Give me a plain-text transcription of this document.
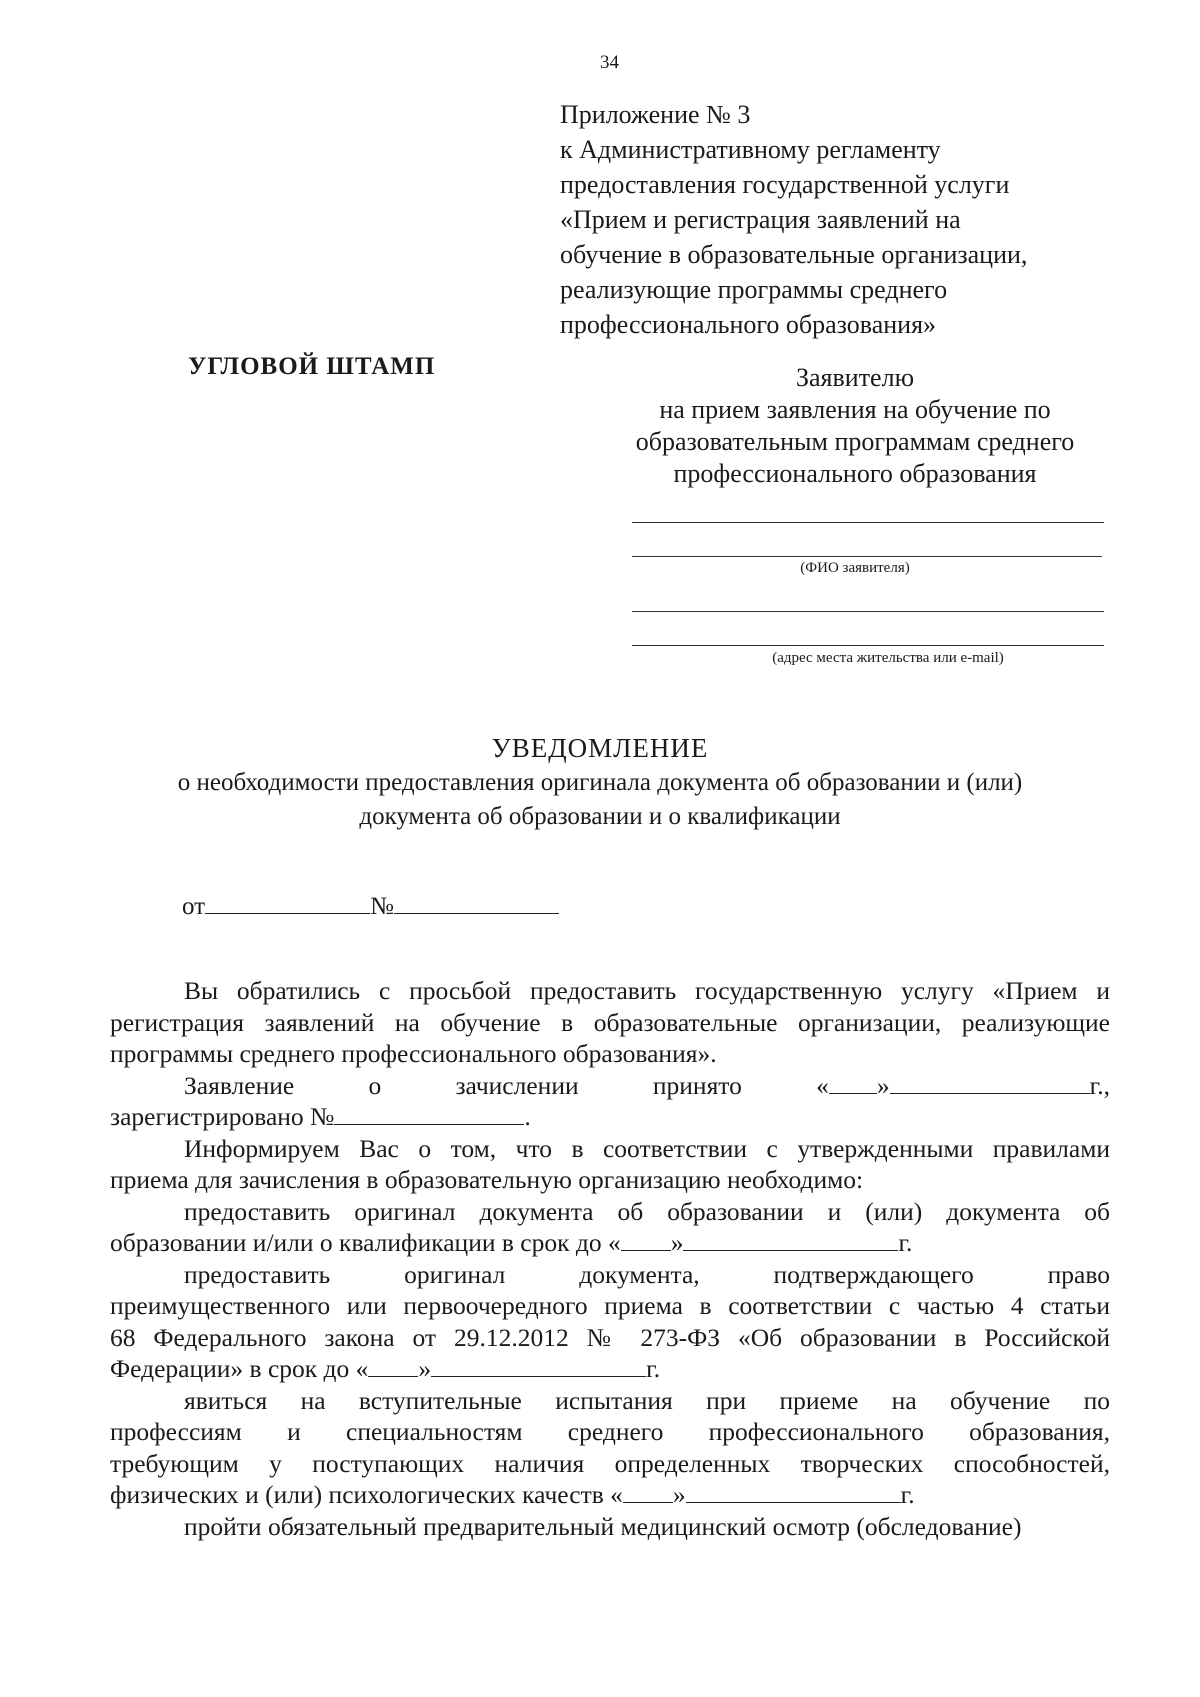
34
Приложение № 3
к Административному регламенту
предоставления государственной услуги
«Прием и регистрация заявлений на
обучение в образовательные организации,
реализующие программы среднего
профессионального образования»
УГЛОВОЙ ШТАМП	Заявителю
на прием заявления на обучение по
образовательным программам среднего
профессионального образования
(ФИО заявителя)
(адрес места жительства или e-mail)
УВЕДОМЛЕНИЕ
о необходимости предоставления оригинала документа об образовании и (или)
документа об образовании и о квалификации
от	№

Вы обратились с просьбой предоставить государственную услугу «Прием и

регистрация заявлений на обучение в образовательные организации, реализующие

программы среднего профессионального образования».

Заявление	о	зачислении	принято	« »	г.,

зарегистрировано №	.

Информируем Вас о том, что в соответствии с утвержденными правилами

приема для зачисления в образовательную организацию необходимо:

предоставить оригинал документа об образовании и (или) документа об

образовании и/или о квалификации в срок до « »	г.

предоставить	оригинал	документа,	подтверждающего	право

преимущественного или первоочередного приема в соответствии с частью 4 статьи

68 Федерального закона от 29.12.2012 № 273-ФЗ «Об образовании в Российской

Федерации» в срок до « »	г.

явиться на вступительные испытания при приеме на обучение по

профессиям и специальностям среднего профессионального образования,

требующим у поступающих наличия определенных творческих способностей,

физических и (или) психологических качеств « »	г.

пройти обязательный предварительный медицинский осмотр (обследование)
